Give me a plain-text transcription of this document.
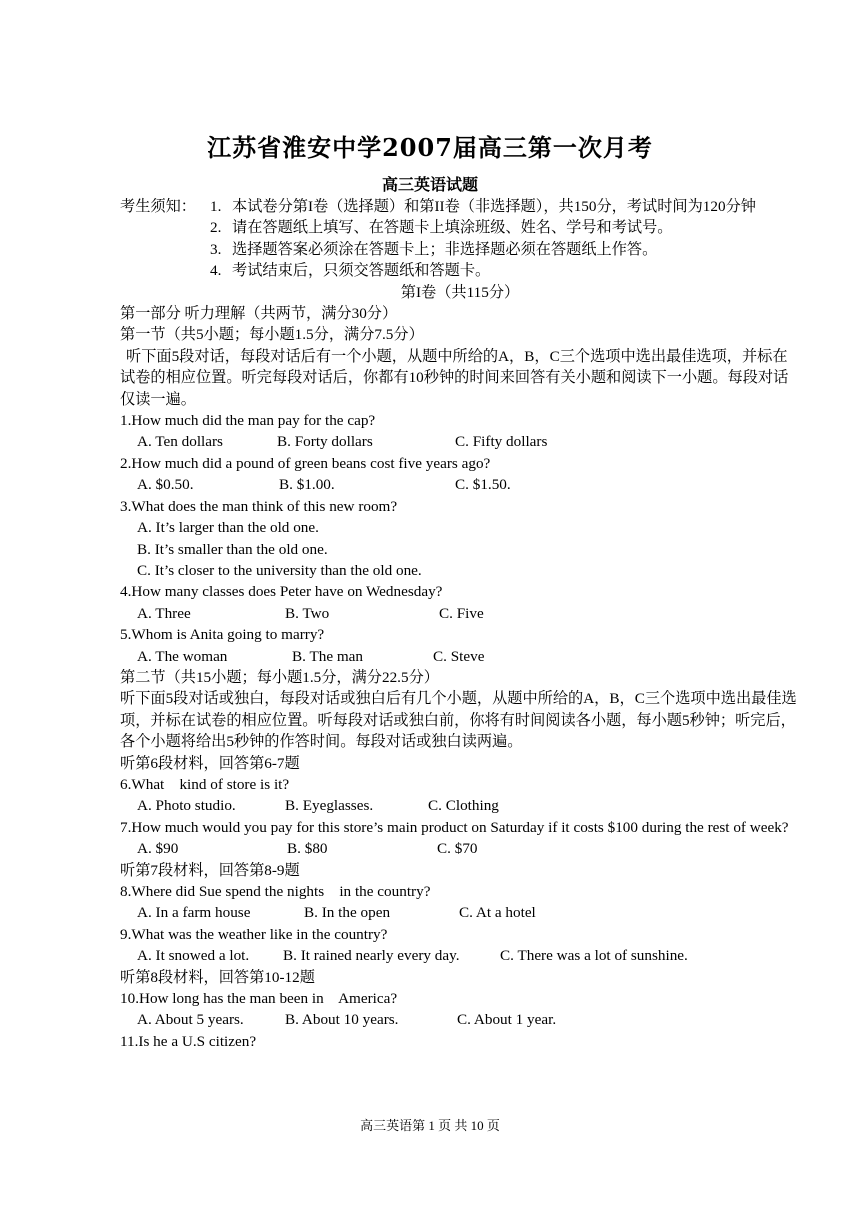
江苏省淮安中学2007届高三第一次月考
高三英语试题
考生须知： 1. 本试卷分第I卷（选择题）和第II卷（非选择题），共150分，考试时间为120分钟
2. 请在答题纸上填写、在答题卡上填涂班级、姓名、学号和考试号。
3. 选择题答案必须涂在答题卡上；非选择题必须在答题纸上作答。
4. 考试结束后，只须交答题纸和答题卡。
第I卷（共115分）
第一部分 听力理解（共两节，满分30分）
第一节（共5小题；每小题1.5分，满分7.5分）
听下面5段对话，每段对话后有一个小题，从题中所给的A，B，C三个选项中选出最佳选项，并标在试卷的相应位置。听完每段对话后，你都有10秒钟的时间来回答有关小题和阅读下一小题。每段对话仅读一遍。
1.How much did the man pay for the cap?
A. Ten dollars	B. Forty dollars	C. Fifty dollars
2.How much did a pound of green beans cost five years ago?
A. $0.50.	B. $1.00.	C. $1.50.
3.What does the man think of this new room?
A. It’s larger than the old one.
B. It’s smaller than the old one.
C. It’s closer to the university than the old one.
4.How many classes does Peter have on Wednesday?
A. Three	B. Two	C. Five
5.Whom is Anita going to marry?
A. The woman	B. The man	C. Steve
第二节（共15小题；每小题1.5分，满分22.5分）
听下面5段对话或独白，每段对话或独白后有几个小题，从题中所给的A，B，C三个选项中选出最佳选项，并标在试卷的相应位置。听每段对话或独白前，你将有时间阅读各小题，每小题5秒钟；听完后，各个小题将给出5秒钟的作答时间。每段对话或独白读两遍。
听第6段材料，回答第6-7题
6.What    kind of store is it?
A. Photo studio.	B. Eyeglasses.	C. Clothing
7.How much would you pay for this store’s main product on Saturday if it costs $100 during the rest of week?
A. $90	B. $80	C. $70
听第7段材料，回答第8-9题
8.Where did Sue spend the nights    in the country?
A. In a farm house	B. In the open	C. At a hotel
9.What was the weather like in the country?
A. It snowed a lot.	B. It rained nearly every day.	C. There was a lot of sunshine.
听第8段材料，回答第10-12题
10.How long has the man been in    America?
A. About 5 years.	B. About 10 years.	C. About 1 year.
11.Is he a U.S citizen?
高三英语第 1 页 共 10 页
